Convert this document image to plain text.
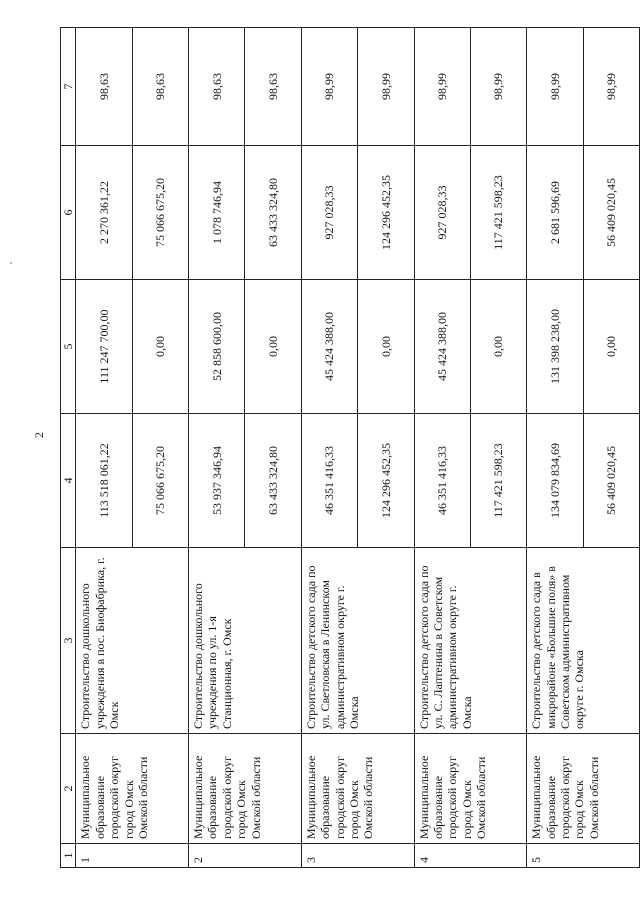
2
1	2	3	4	5	6	7
1	Муниципальное образование городской округ город Омск Омской области	Строительство дошкольного учреждения в пос. Биофабрика, г. Омск	113 518 061,22	111 247 700,00	2 270 361,22	98,63
			75 066 675,20	0,00	75 066 675,20	98,63
2	Муниципальное образование городской округ город Омск Омской области	Строительство дошкольного учреждения по ул. 1-я Станционная, г. Омск	53 937 346,94	52 858 600,00	1 078 746,94	98,63
			63 433 324,80	0,00	63 433 324,80	98,63
3	Муниципальное образование городской округ город Омск Омской области	Строительство детского сада по ул. Светловская в Ленинском административном округе г. Омска	46 351 416,33	45 424 388,00	927 028,33	98,99
			124 296 452,35	0,00	124 296 452,35	98,99
4	Муниципальное образование городской округ город Омск Омской области	Строительство детского сада по ул. С. Лаптенина в Советском административном округе г. Омска	46 351 416,33	45 424 388,00	927 028,33	98,99
			117 421 598,23	0,00	117 421 598,23	98,99
5	Муниципальное образование городской округ город Омск Омской области	Строительство детского сада в микрорайоне «Большие поля» в Советском административном округе г. Омска	134 079 834,69	131 398 238,00	2 681 596,69	98,99
			56 409 020,45	0,00	56 409 020,45	98,99
